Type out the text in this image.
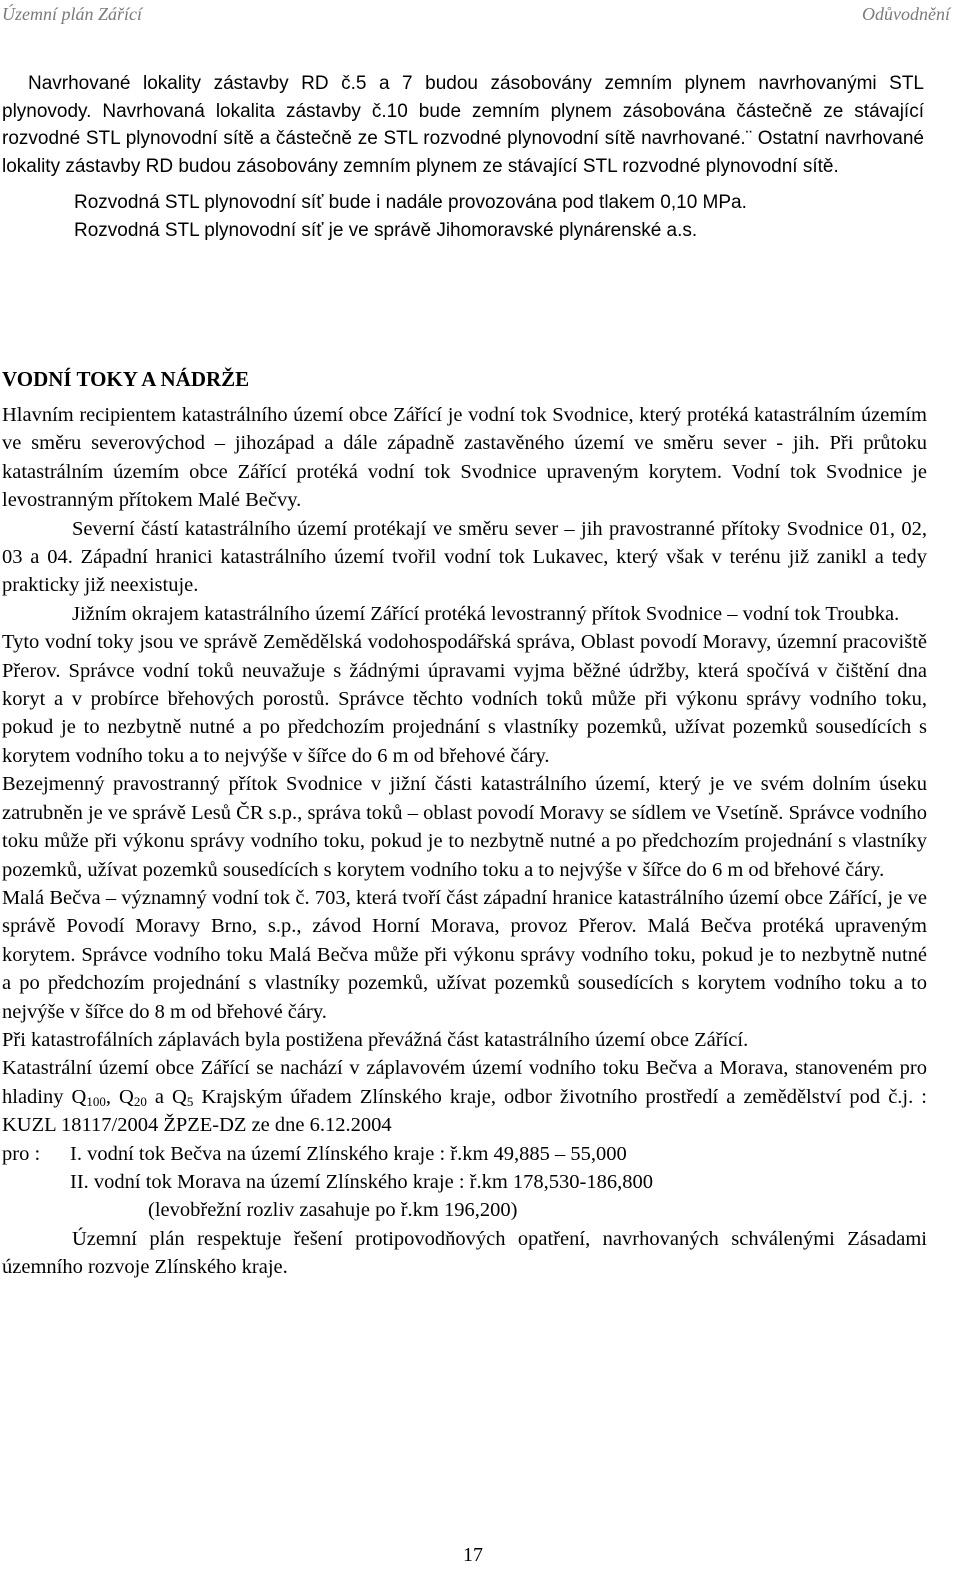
Územní plán Zářící	Odůvodnění

Navrhované lokality zástavby RD č.5 a 7 budou zásobovány zemním plynem navrhovanými STL plynovody. Navrhovaná lokalita zástavby č.10 bude zemním plynem zásobována částečně ze stávající rozvodné STL plynovodní sítě a částečně ze STL rozvodné plynovodní sítě navrhované.¨ Ostatní navrhované lokality zástavby RD budou zásobovány zemním plynem ze stávající STL rozvodné plynovodní sítě.

Rozvodná STL plynovodní síť bude i nadále provozována pod tlakem 0,10 MPa.
Rozvodná STL plynovodní síť je ve správě Jihomoravské plynárenské a.s.
VODNÍ TOKY A NÁDRŽE

Hlavním recipientem katastrálního území obce Zářící je vodní tok Svodnice, který protéká katastrálním územím ve směru severovýchod – jihozápad a dále západně zastavěného území ve směru sever - jih. Při průtoku katastrálním územím obce Zářící protéká vodní tok Svodnice upraveným korytem. Vodní tok Svodnice je levostranným přítokem Malé Bečvy.

Severní částí katastrálního území protékají ve směru sever – jih pravostranné přítoky Svodnice 01, 02, 03 a 04. Západní hranici katastrálního území tvořil vodní tok Lukavec, který však v terénu již zanikl a tedy prakticky již neexistuje.

Jižním okrajem katastrálního území Zářící protéká levostranný přítok Svodnice – vodní tok Troubka.

Tyto vodní toky jsou ve správě Zemědělská vodohospodářská správa, Oblast povodí Moravy, územní pracoviště Přerov. Správce vodní toků neuvažuje s žádnými úpravami vyjma běžné údržby, která spočívá v čištění dna koryt a v probírce břehových porostů. Správce těchto vodních toků může při výkonu správy vodního toku, pokud je to nezbytně nutné a po předchozím projednání s vlastníky pozemků, užívat pozemků sousedících s korytem vodního toku a to nejvýše v šířce do 6 m od břehové čáry.

Bezejmenný pravostranný přítok Svodnice v jižní části katastrálního území, který je ve svém dolním úseku zatrubněn je ve správě Lesů ČR s.p., správa toků – oblast povodí Moravy se sídlem ve Vsetíně. Správce vodního toku může při výkonu správy vodního toku, pokud je to nezbytně nutné a po předchozím projednání s vlastníky pozemků, užívat pozemků sousedících s korytem vodního toku a to nejvýše v šířce do 6 m od břehové čáry.

Malá Bečva – významný vodní tok č. 703, která tvoří část západní hranice katastrálního území obce Zářící, je ve správě Povodí Moravy Brno, s.p., závod Horní Morava, provoz Přerov. Malá Bečva protéká upraveným korytem. Správce vodního toku Malá Bečva může při výkonu správy vodního toku, pokud je to nezbytně nutné a po předchozím projednání s vlastníky pozemků, užívat pozemků sousedících s korytem vodního toku a to nejvýše v šířce do 8 m od břehové čáry.

Při katastrofálních záplavách byla postižena převážná část katastrálního území obce Zářící.

Katastrální území obce Zářící se nachází v záplavovém území vodního toku Bečva a Morava, stanoveném pro hladiny $Q_{100}$, $Q_{20}$ a $Q_5$ Krajským úřadem Zlínského kraje, odbor životního prostředí a zemědělství pod č.j. : KUZL 18117/2004 ŽPZE-DZ ze dne 6.12.2004

pro :	I. vodní tok Bečva na území Zlínského kraje : ř.km 49,885 – 55,000
II. vodní tok Morava na území Zlínského kraje : ř.km 178,530-186,800
(levobřežní rozliv zasahuje po ř.km 196,200)

Územní plán respektuje řešení protipovodňových opatření, navrhovaných schválenými Zásadami územního rozvoje Zlínského kraje.

17
